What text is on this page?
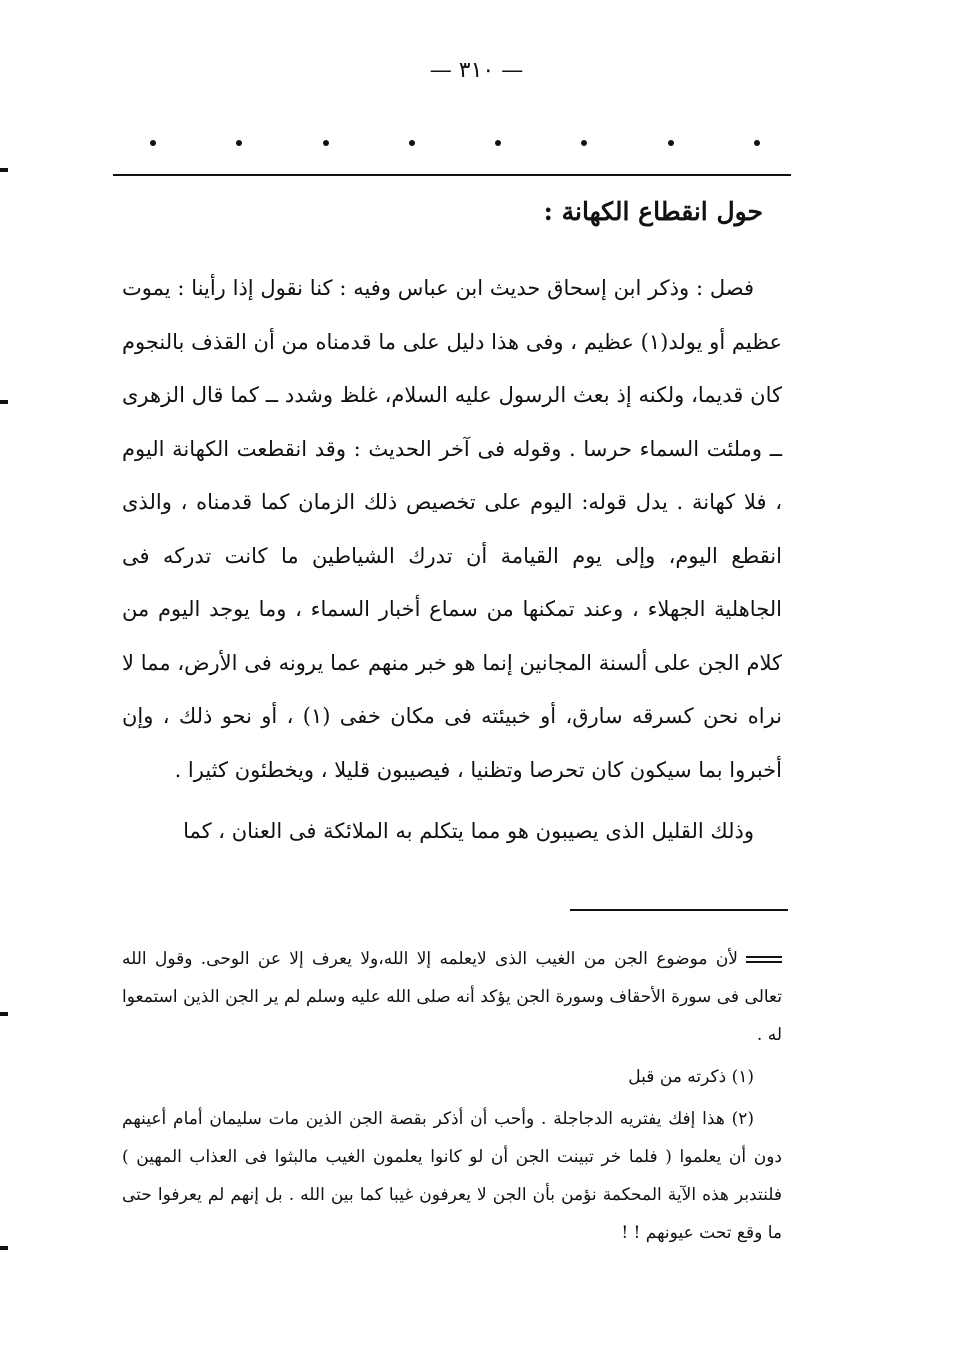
— ٣١٠ —
حول انقطاع الكهانة :

فصل : وذكر ابن إسحاق حديث ابن عباس وفيه : كنا نقول إذا رأينا : يموت عظيم أو يولد(١) عظيم ، وفى هذا دليل على ما قدمناه من أن القذف بالنجوم كان قديما، ولكنه إذ بعث الرسول عليه السلام، غلظ وشدد ــ كما قال الزهرى ــ وملئت السماء حرسا . وقوله فى آخر الحديث : وقد انقطعت الكهانة اليوم ، فلا كهانة . يدل قوله: اليوم على تخصيص ذلك الزمان كما قدمناه ، والذى انقطع اليوم، وإلى يوم القيامة أن تدرك الشياطين ما كانت تدركه فى الجاهلية الجهلاء ، وعند تمكنها من سماع أخبار السماء ، وما يوجد اليوم من كلام الجن على ألسنة المجانين إنما هو خبر منهم عما يرونه فى الأرض، مما لا نراه نحن كسرقه سارق، أو خبيئته فى مكان خفى (١) ، أو نحو ذلك ، وإن أخبروا بما سيكون كان تحرصا وتظنيا ، فيصيبون قليلا ، ويخطئون كثيرا .

وذلك القليل الذى يصيبون هو مما يتكلم به الملائكة فى العنان ، كما

لأن موضوع الجن من الغيب الذى لايعلمه إلا الله،ولا يعرف إلا عن الوحى. وقول الله تعالى فى سورة الأحقاف وسورة الجن يؤكد أنه صلى الله عليه وسلم لم ير الجن الذين استمعوا له .

(١) ذكرته من قبل

(٢) هذا إفك يفتريه الدجاجلة . وأحب أن أذكر بقصة الجن الذين مات سليمان أمام أعينهم دون أن يعلموا ( فلما خر تبينت الجن أن لو كانوا يعلمون الغيب مالبثوا فى العذاب المهين ) فلنتدبر هذه الآية المحكمة نؤمن بأن الجن لا يعرفون غيبا كما بين الله . بل إنهم لم يعرفوا حتى ما وقع تحت عيونهم ! !
